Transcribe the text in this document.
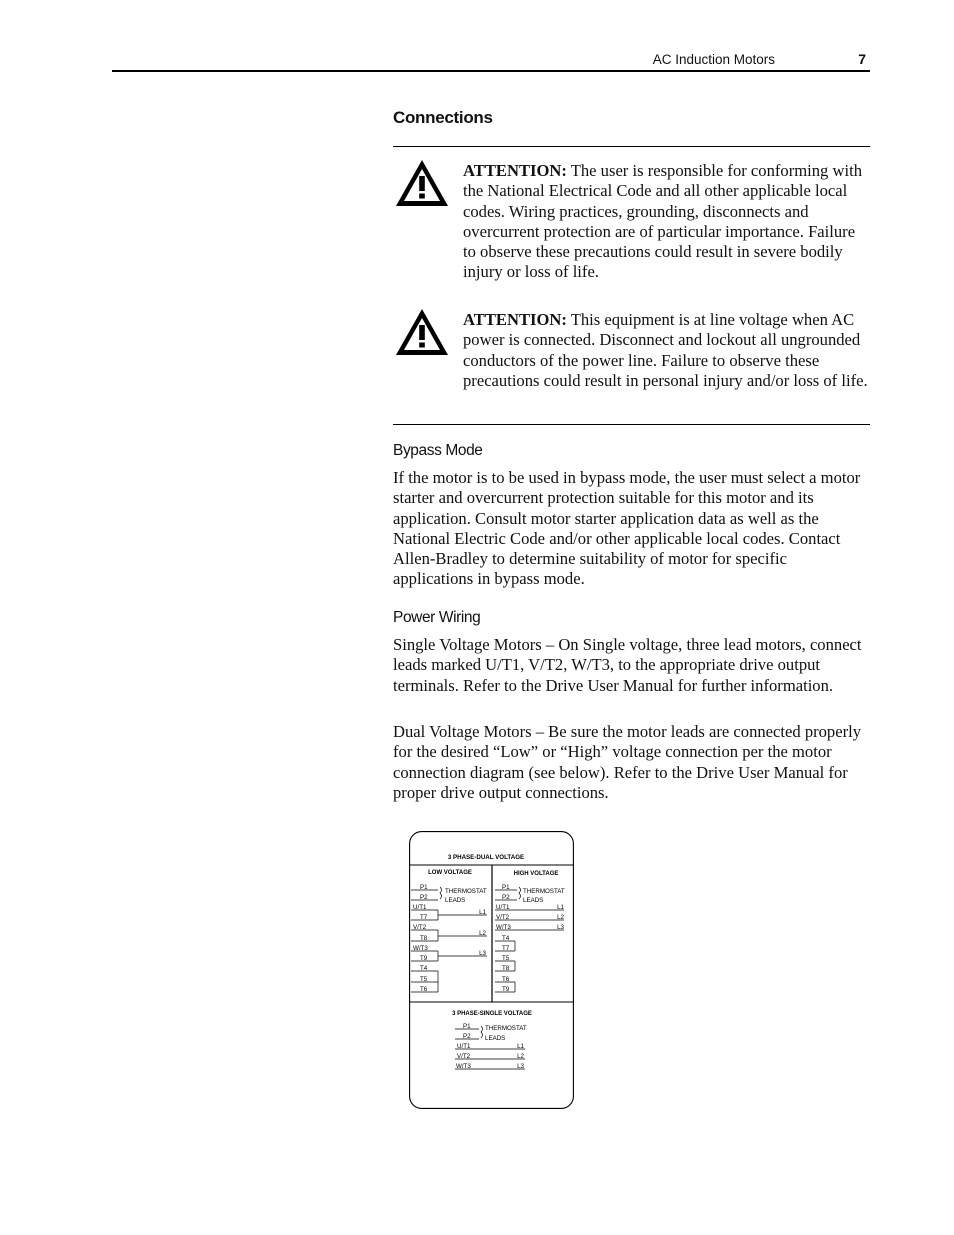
AC Induction Motors	7
Connections
ATTENTION: The user is responsible for conforming with the National Electrical Code and all other applicable local codes. Wiring practices, grounding, disconnects and overcurrent protection are of particular importance. Failure to observe these precautions could result in severe bodily injury or loss of life.
ATTENTION: This equipment is at line voltage when AC power is connected. Disconnect and lockout all ungrounded conductors of the power line. Failure to observe these precautions could result in personal injury and/or loss of life.
Bypass Mode
If the motor is to be used in bypass mode, the user must select a motor starter and overcurrent protection suitable for this motor and its application. Consult motor starter application data as well as the National Electric Code and/or other applicable local codes. Contact Allen-Bradley to determine suitability of motor for specific applications in bypass mode.
Power Wiring
Single Voltage Motors – On Single voltage, three lead motors, connect leads marked U/T1, V/T2, W/T3, to the appropriate drive output terminals. Refer to the Drive User Manual for further information.
Dual Voltage Motors – Be sure the motor leads are connected properly for the desired “Low” or “High” voltage connection per the motor connection diagram (see below). Refer to the Drive User Manual for proper drive output connections.
3 PHASE-DUAL VOLTAGE
LOW VOLTAGE	HIGH VOLTAGE
P1
P2
U/T1
T7
V/T2
T8
W/T3
T9
T4
T5
T6
THERMOSTAT
LEADS
L1
L2
L3
P1
P2
U/T1
V/T2
W/T3
T4
T7
T5
T8
T6
T9
THERMOSTAT
LEADS
L1
L2
L3
3 PHASE-SINGLE VOLTAGE
P1
P2
U/T1
V/T2
W/T3
THERMOSTAT
LEADS
L1
L2
L3
